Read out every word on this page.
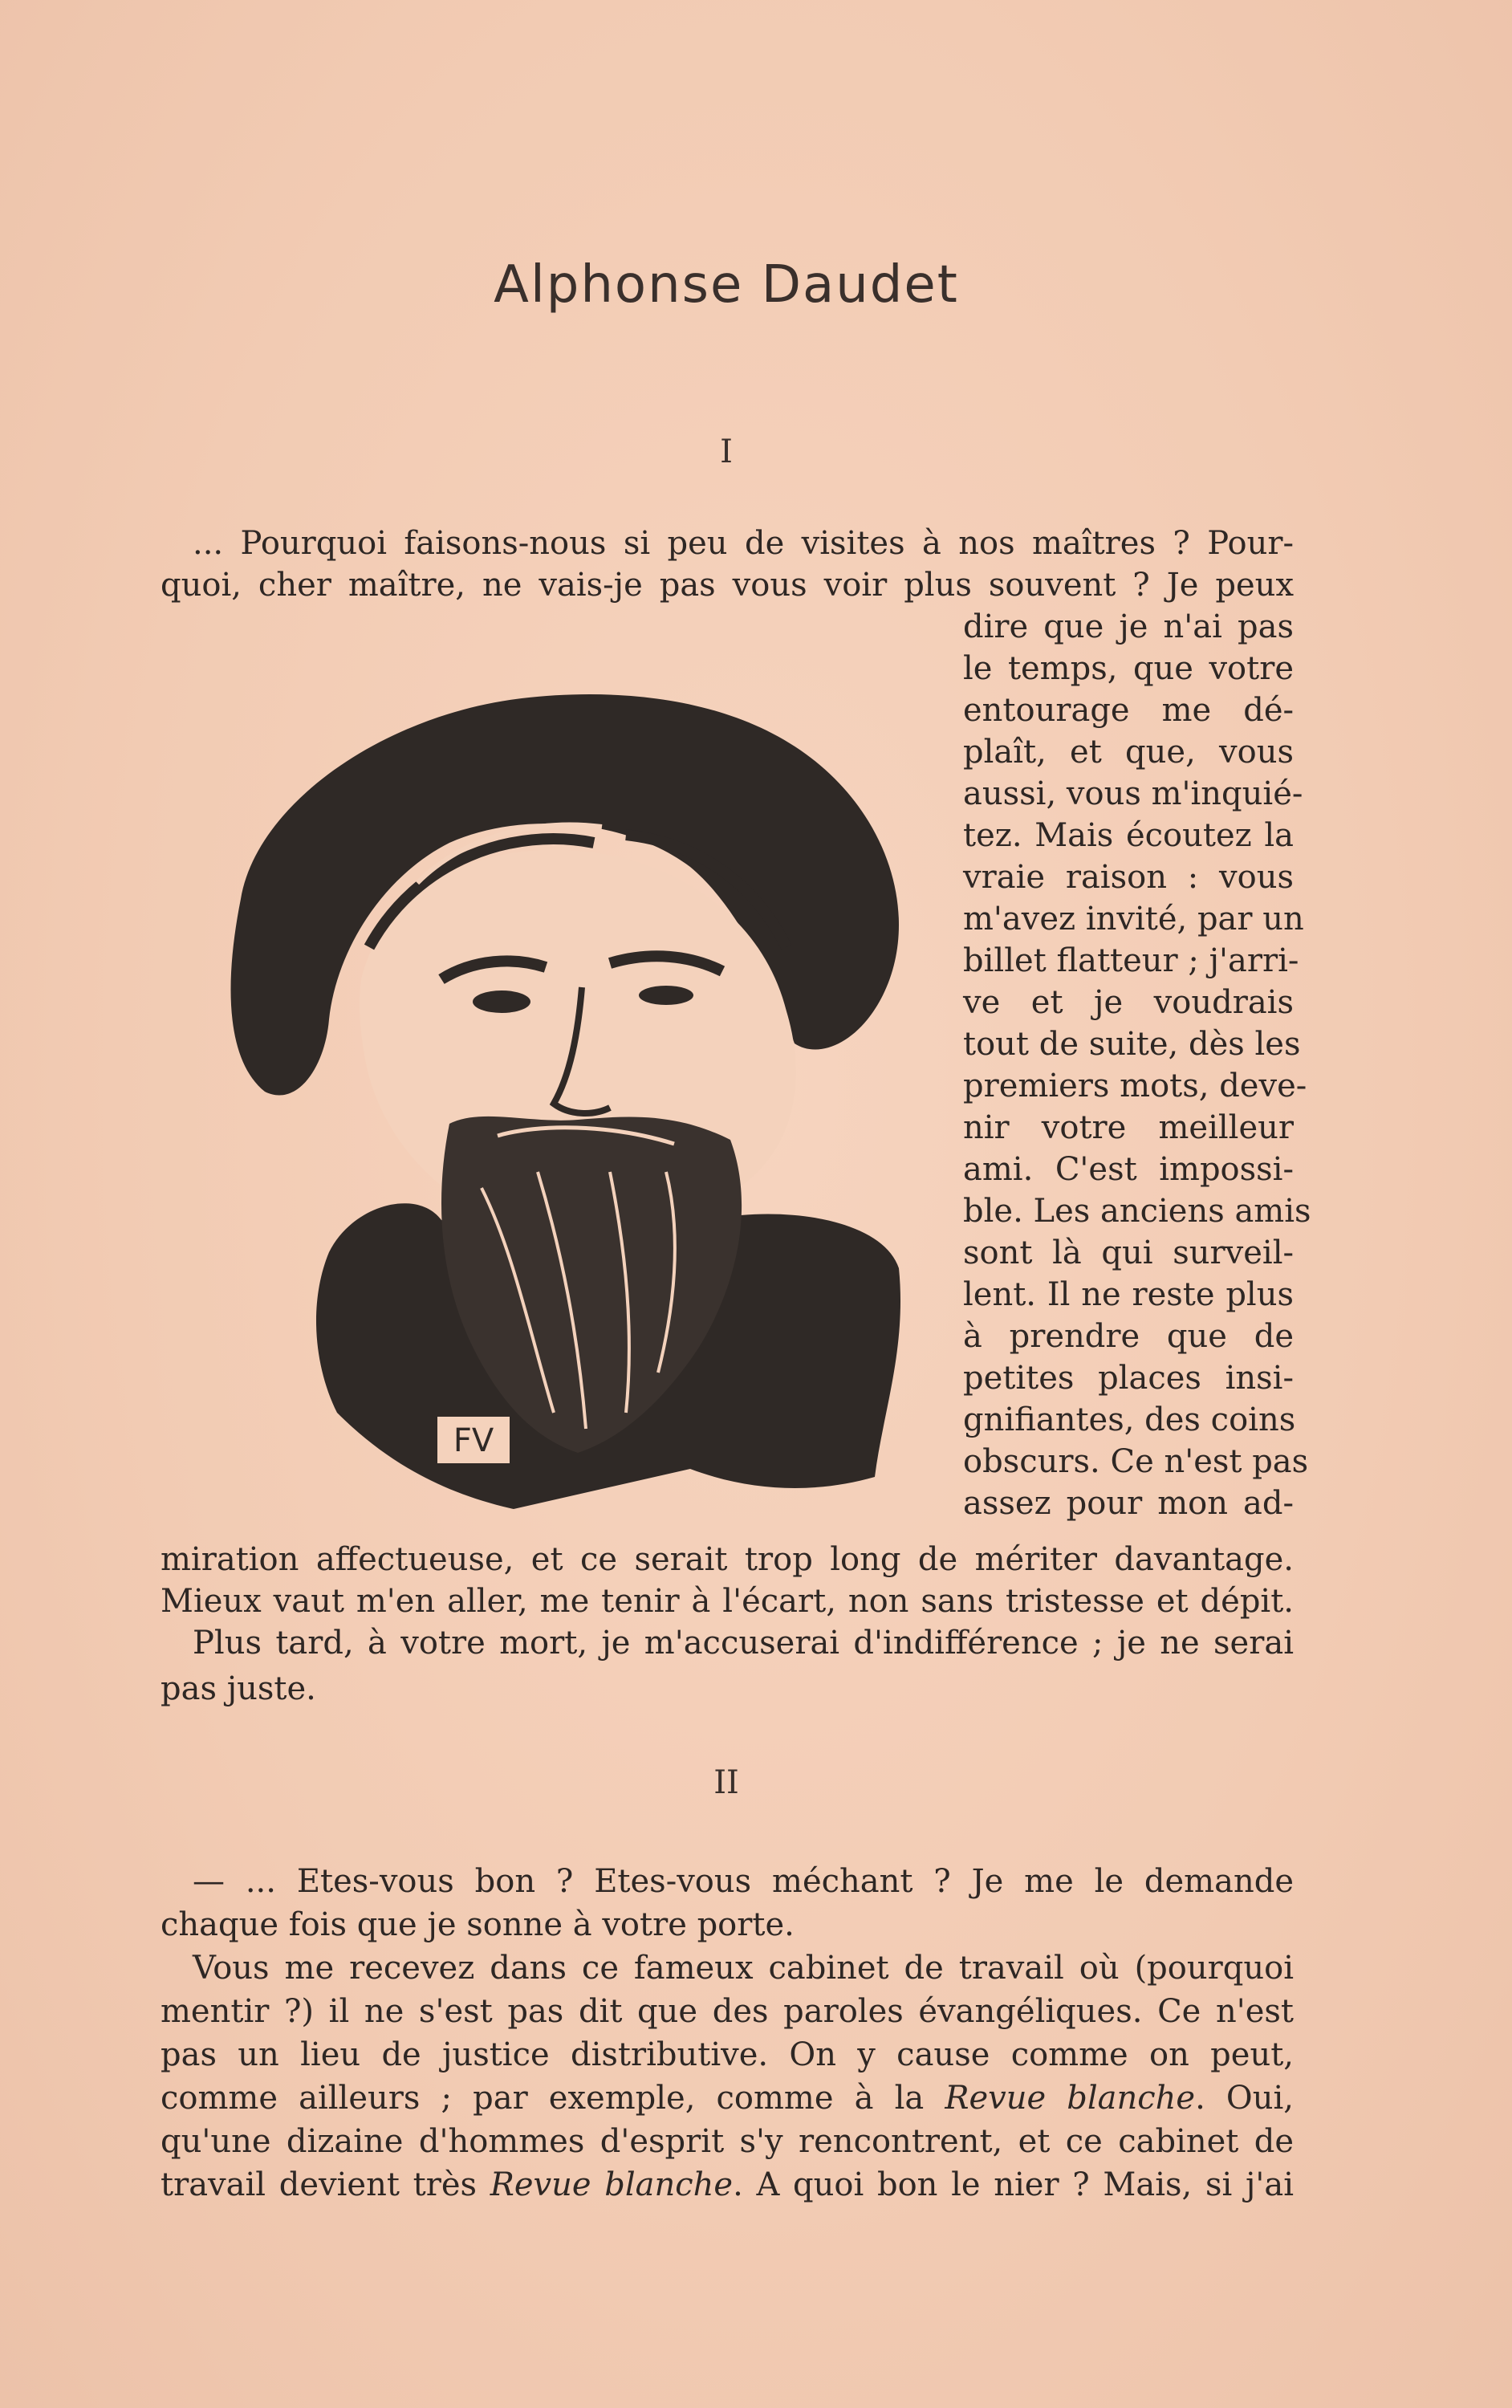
Alphonse Daudet
I
... Pourquoi faisons-nous si peu de visites à nos maîtres ? Pour-
quoi, cher maître, ne vais-je pas vous voir plus souvent ? Je peux
dire que je n'ai pas
le temps, que votre
entourage me dé-
plaît, et que, vous
aussi, vous m'inquié-
tez. Mais écoutez la
vraie raison : vous
m'avez invité, par un
billet flatteur ; j'arri-
ve et je voudrais
tout de suite, dès les
premiers mots, deve-
nir votre meilleur
ami. C'est impossi-
ble. Les anciens amis
sont là qui surveil-
lent. Il ne reste plus
à prendre que de
petites places insi-
gnifiantes, des coins
obscurs. Ce n'est pas
assez pour mon ad-
FV
miration affectueuse, et ce serait trop long de mériter davantage.
Mieux vaut m'en aller, me tenir à l'écart, non sans tristesse et dépit.
Plus tard, à votre mort, je m'accuserai d'indifférence ; je ne serai
pas juste.
II
— ... Etes-vous bon ? Etes-vous méchant ? Je me le demande
chaque fois que je sonne à votre porte.
Vous me recevez dans ce fameux cabinet de travail où (pourquoi
mentir ?) il ne s'est pas dit que des paroles évangéliques. Ce n'est
pas un lieu de justice distributive. On y cause comme on peut,
comme ailleurs ; par exemple, comme à la Revue blanche. Oui,
qu'une dizaine d'hommes d'esprit s'y rencontrent, et ce cabinet de
travail devient très Revue blanche. A quoi bon le nier ? Mais, si j'ai
